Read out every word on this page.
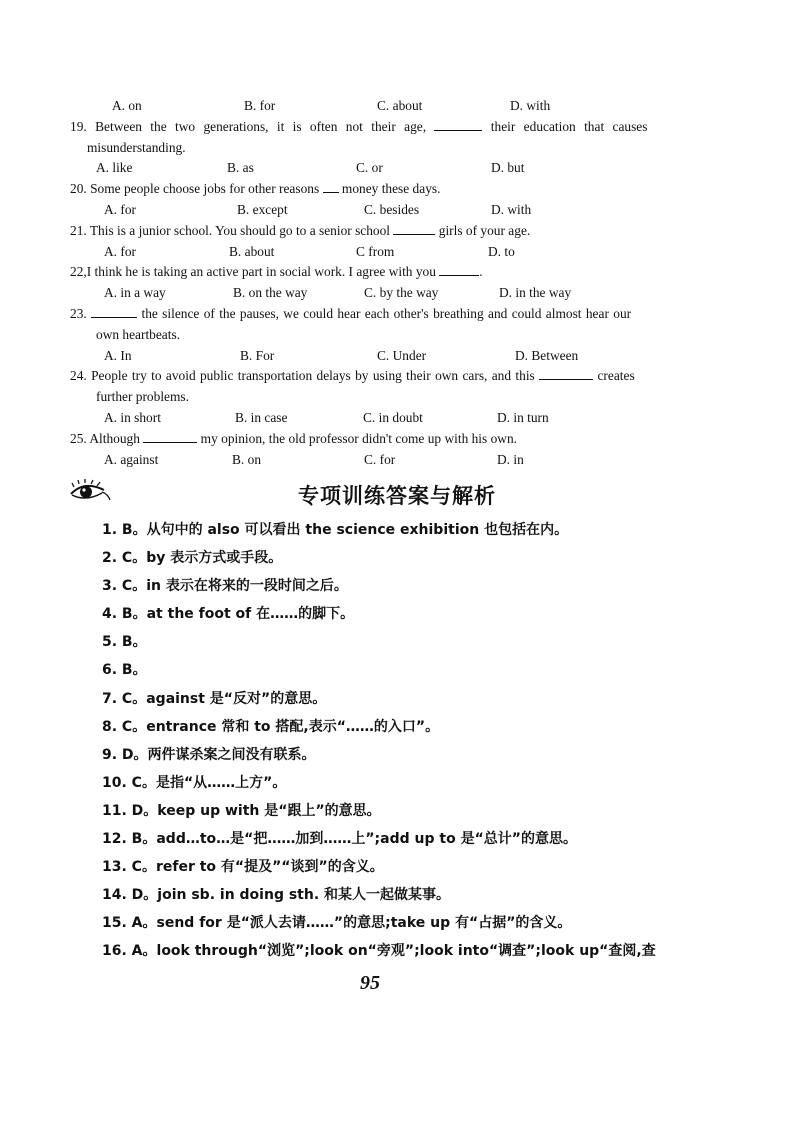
A. on	B. for	C. about	D. with
19. Between the two generations, it is often not their age,	their education that causes
misunderstanding.
A. like	B. as	C. or	D. but
20. Some people choose jobs for other reasons money these days.
A. for	B. except	C. besides	D. with
21. This is a junior school. You should go to a senior school	girls of your age.
A. for	B. about	C from	D. to
22,I think he is taking an active part in social work. I agree with you	.
A. in a way	B. on the way	C. by the way	D. in the way
23.	the silence of the pauses, we could hear each other's breathing and could almost hear our
own heartbeats.
A. In	B. For	C. Under	D. Between
24. People try to avoid public transportation delays by using their own cars, and this	creates
further problems.
A. in short	B. in case	C. in doubt	D. in turn
25. Although	my opinion, the old professor didn't come up with his own.
A. against	B. on	C. for	D. in
专项训练答案与解析
1. B。从句中的 also 可以看出 the science exhibition 也包括在内。
2. C。by 表示方式或手段。
3. C。in 表示在将来的一段时间之后。
4. B。at the foot of 在……的脚下。
5. B。
6. B。
7. C。against 是“反对”的意思。
8. C。entrance 常和 to 搭配,表示“……的入口”。
9. D。两件谋杀案之间没有联系。
10. C。是指“从……上方”。
11. D。keep up with 是“跟上”的意思。
12. B。add…to…是“把……加到……上”;add up to 是“总计”的意思。
13. C。refer to 有“提及”“谈到”的含义。
14. D。join sb. in doing sth. 和某人一起做某事。
15. A。send for 是“派人去请……”的意思;take up 有“占据”的含义。
16. A。look through“浏览”;look on“旁观”;look into“调查”;look up“查阅,查
95
